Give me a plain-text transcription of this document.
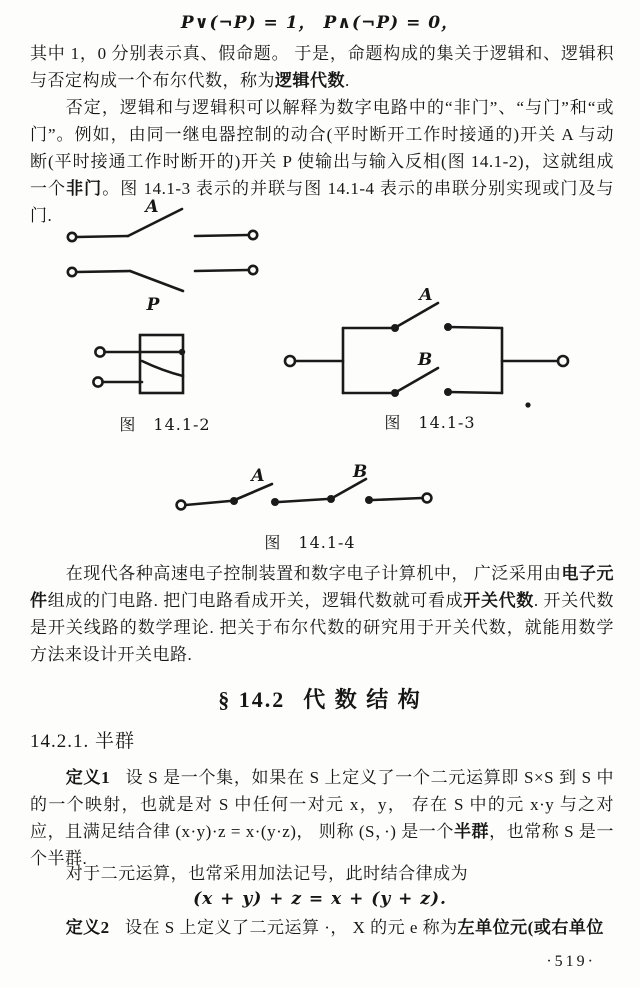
P∨(¬P) = 1， P∧(¬P) = 0，
其中 1，0 分别表示真、假命题。 于是，命题构成的集关于逻辑和、逻辑积与否定构成一个布尔代数，称为逻辑代数.
否定，逻辑和与逻辑积可以解释为数字电路中的“非门”、“与门”和“或门”。例如，由同一继电器控制的动合(平时断开工作时接通的)开关 A 与动断(平时接通工作时断开的)开关 P 使输出与输入反相(图 14.1-2)，这就组成一个非门。图 14.1-3 表示的并联与图 14.1-4 表示的串联分别实现或门及与门.	A
P
图　14.1-2
A
B
图　14.1-3
A	B
图　14.1-4
在现代各种高速电子控制装置和数字电子计算机中， 广泛采用由电子元件组成的门电路. 把门电路看成开关，逻辑代数就可看成开关代数. 开关代数是开关线路的数学理论. 把关于布尔代数的研究用于开关代数，就能用数学方法来设计开关电路.
§ 14.2 代 数 结 构
14.2.1. 半群
定义1 设 S 是一个集，如果在 S 上定义了一个二元运算即 S×S 到 S 中的一个映射，也就是对 S 中任何一对元 x，y， 存在 S 中的元 x·y 与之对应，且满足结合律 (x·y)·z = x·(y·z)， 则称 (S，·) 是一个半群，也常称 S 是一个半群.
对于二元运算，也常采用加法记号，此时结合律成为
(x + y) + z = x + (y + z).
定义2 设在 S 上定义了二元运算 ·， X 的元 e 称为左单位元(或右单位
·519·
